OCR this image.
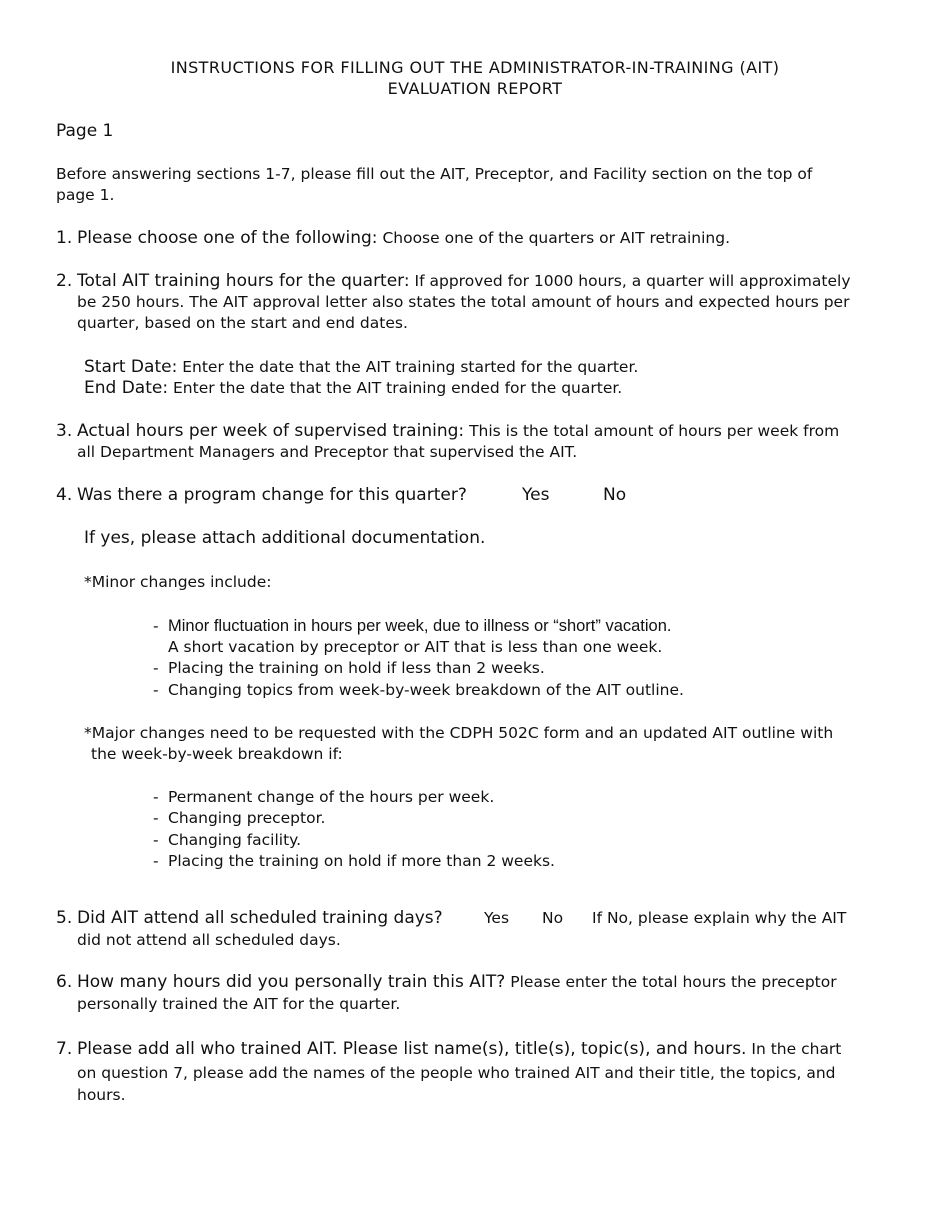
INSTRUCTIONS FOR FILLING OUT THE ADMINISTRATOR-IN-TRAINING (AIT)
EVALUATION REPORT
Page 1
Before answering sections 1-7, please fill out the AIT, Preceptor, and Facility section on the top of
page 1.
1. Please choose one of the following: Choose one of the quarters or AIT retraining.
2. Total AIT training hours for the quarter: If approved for 1000 hours, a quarter will approximately
be 250 hours. The AIT approval letter also states the total amount of hours and expected hours per
quarter, based on the start and end dates.
Start Date: Enter the date that the AIT training started for the quarter.
End Date: Enter the date that the AIT training ended for the quarter.
3. Actual hours per week of supervised training: This is the total amount of hours per week from
all Department Managers and Preceptor that supervised the AIT.
4. Was there a program change for this quarter?	Yes	No
If yes, please attach additional documentation.
*Minor changes include:
- Minor fluctuation in hours per week, due to illness or “short” vacation.
A short vacation by preceptor or AIT that is less than one week.
- Placing the training on hold if less than 2 weeks.
- Changing topics from week-by-week breakdown of the AIT outline.
*Major changes need to be requested with the CDPH 502C form and an updated AIT outline with
the week-by-week breakdown if:
- Permanent change of the hours per week.
- Changing preceptor.
- Changing facility.
- Placing the training on hold if more than 2 weeks.
5. Did AIT attend all scheduled training days?	Yes No If No, please explain why the AIT
did not attend all scheduled days.
6. How many hours did you personally train this AIT? Please enter the total hours the preceptor
personally trained the AIT for the quarter.
7. Please add all who trained AIT. Please list name(s), title(s), topic(s), and hours. In the chart
on question 7, please add the names of the people who trained AIT and their title, the topics, and
hours.
